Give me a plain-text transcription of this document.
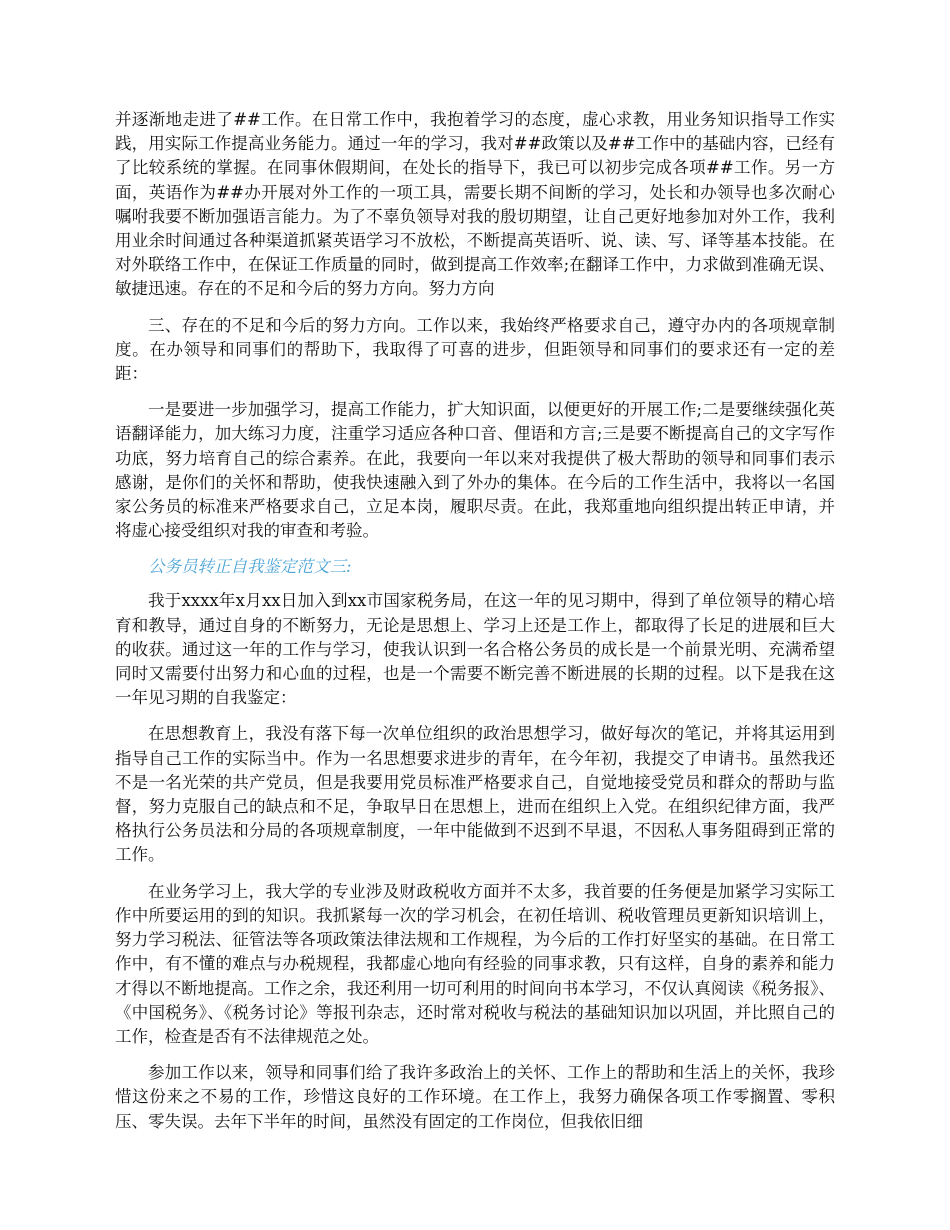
并逐渐地走进了##工作。在日常工作中，我抱着学习的态度，虚心求教，用业务知识指导工作实践，用实际工作提高业务能力。通过一年的学习，我对##政策以及##工作中的基础内容，已经有了比较系统的掌握。在同事休假期间，在处长的指导下，我已可以初步完成各项##工作。另一方面，英语作为##办开展对外工作的一项工具，需要长期不间断的学习，处长和办领导也多次耐心嘱咐我要不断加强语言能力。为了不辜负领导对我的殷切期望，让自己更好地参加对外工作，我利用业余时间通过各种渠道抓紧英语学习不放松，不断提高英语听、说、读、写、译等基本技能。在对外联络工作中，在保证工作质量的同时，做到提高工作效率;在翻译工作中，力求做到准确无误、敏捷迅速。存在的不足和今后的努力方向。努力方向

三、存在的不足和今后的努力方向。工作以来，我始终严格要求自己，遵守办内的各项规章制度。在办领导和同事们的帮助下，我取得了可喜的进步，但距领导和同事们的要求还有一定的差距：

一是要进一步加强学习，提高工作能力，扩大知识面，以便更好的开展工作;二是要继续强化英语翻译能力，加大练习力度，注重学习适应各种口音、俚语和方言;三是要不断提高自己的文字写作功底，努力培育自己的综合素养。在此，我要向一年以来对我提供了极大帮助的领导和同事们表示感谢，是你们的关怀和帮助，使我快速融入到了外办的集体。在今后的工作生活中，我将以一名国家公务员的标准来严格要求自己，立足本岗，履职尽责。在此，我郑重地向组织提出转正申请，并将虚心接受组织对我的审查和考验。

公务员转正自我鉴定范文三:

我于xxxx年x月xx日加入到xx市国家税务局，在这一年的见习期中，得到了单位领导的精心培育和教导，通过自身的不断努力，无论是思想上、学习上还是工作上，都取得了长足的进展和巨大的收获。通过这一年的工作与学习，使我认识到一名合格公务员的成长是一个前景光明、充满希望同时又需要付出努力和心血的过程，也是一个需要不断完善不断进展的长期的过程。以下是我在这一年见习期的自我鉴定：

在思想教育上，我没有落下每一次单位组织的政治思想学习，做好每次的笔记，并将其运用到指导自己工作的实际当中。作为一名思想要求进步的青年，在今年初，我提交了申请书。虽然我还不是一名光荣的共产党员，但是我要用党员标准严格要求自己，自觉地接受党员和群众的帮助与监督，努力克服自己的缺点和不足，争取早日在思想上，进而在组织上入党。在组织纪律方面，我严格执行公务员法和分局的各项规章制度，一年中能做到不迟到不早退，不因私人事务阻碍到正常的工作。

在业务学习上，我大学的专业涉及财政税收方面并不太多，我首要的任务便是加紧学习实际工作中所要运用的到的知识。我抓紧每一次的学习机会，在初任培训、税收管理员更新知识培训上，努力学习税法、征管法等各项政策法律法规和工作规程，为今后的工作打好坚实的基础。在日常工作中，有不懂的难点与办税规程，我都虚心地向有经验的同事求教，只有这样，自身的素养和能力才得以不断地提高。工作之余，我还利用一切可利用的时间向书本学习，不仅认真阅读《税务报》、《中国税务》、《税务讨论》等报刊杂志，还时常对税收与税法的基础知识加以巩固，并比照自己的工作，检查是否有不法律规范之处。

参加工作以来，领导和同事们给了我许多政治上的关怀、工作上的帮助和生活上的关怀，我珍惜这份来之不易的工作，珍惜这良好的工作环境。在工作上，我努力确保各项工作零搁置、零积压、零失误。去年下半年的时间，虽然没有固定的工作岗位，但我依旧细
